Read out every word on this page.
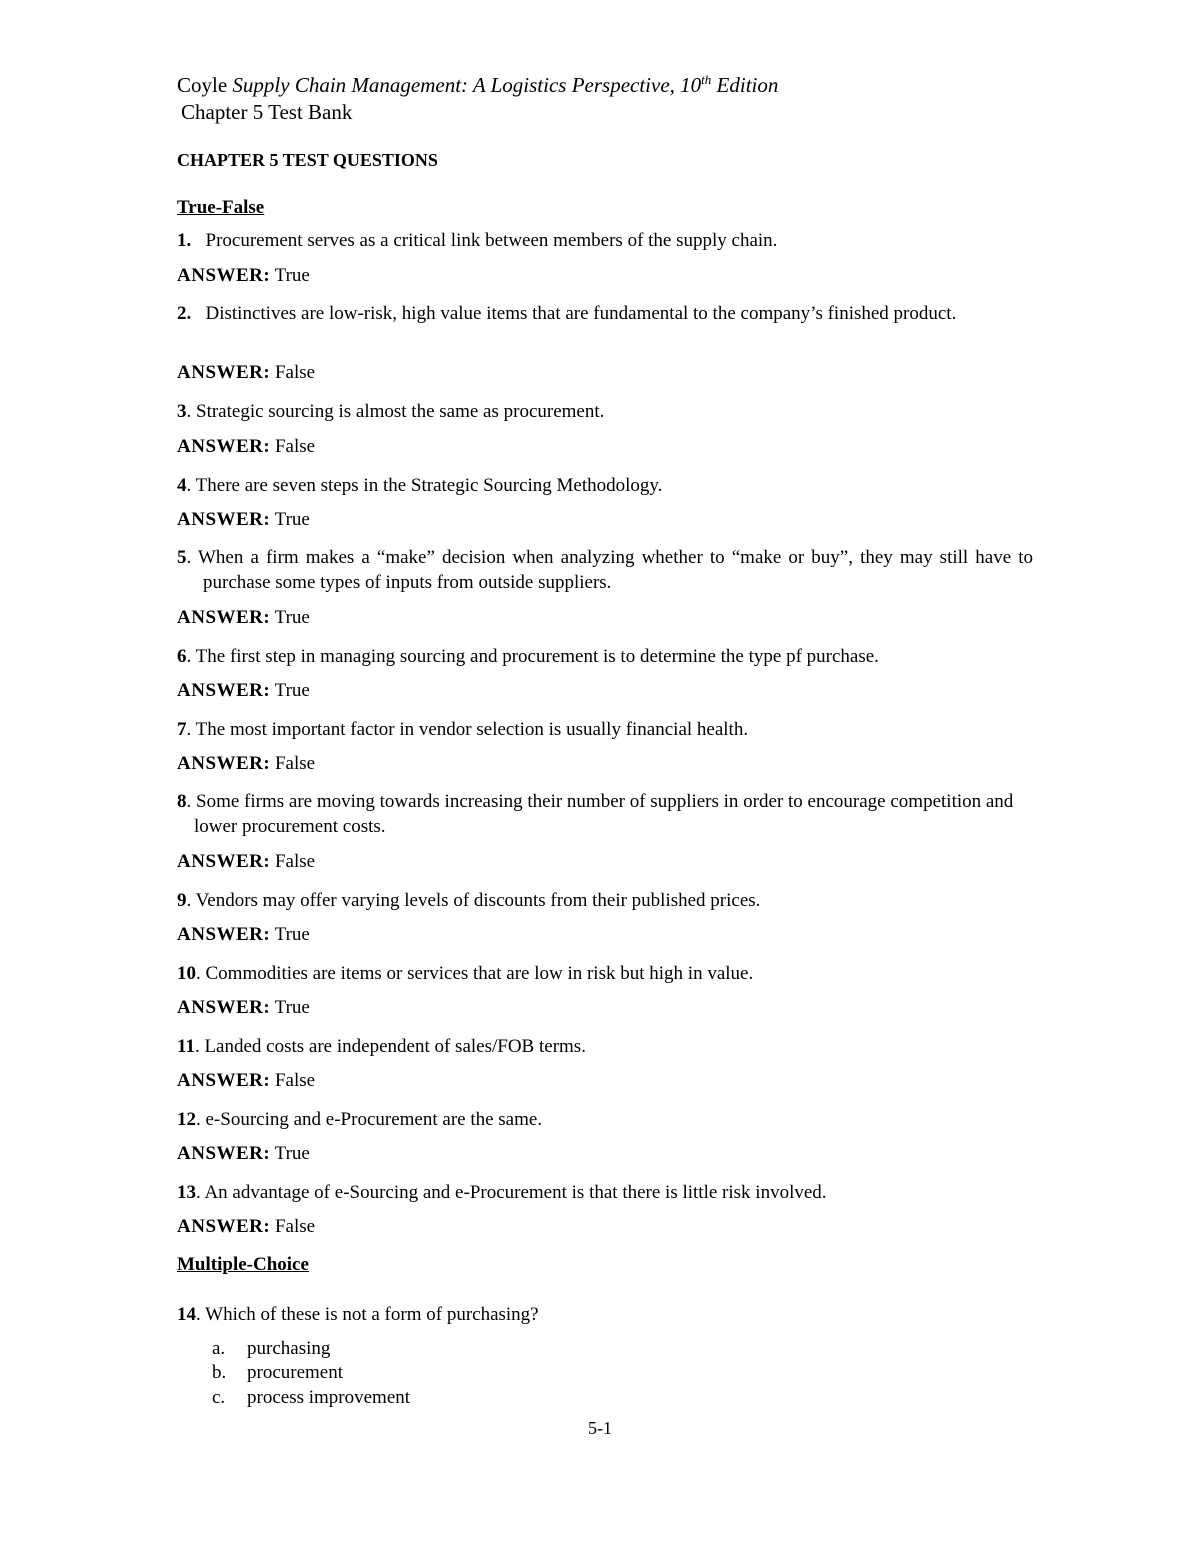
Coyle Supply Chain Management: A Logistics Perspective, 10th Edition
Chapter 5 Test Bank
CHAPTER 5 TEST QUESTIONS
True-False
1. Procurement serves as a critical link between members of the supply chain.
ANSWER: True
2. Distinctives are low-risk, high value items that are fundamental to the company’s finished product.
ANSWER: False
3. Strategic sourcing is almost the same as procurement.
ANSWER: False
4. There are seven steps in the Strategic Sourcing Methodology.
ANSWER: True
5. When a firm makes a “make” decision when analyzing whether to “make or buy”, they may still have to purchase some types of inputs from outside suppliers.
ANSWER: True
6. The first step in managing sourcing and procurement is to determine the type pf purchase.
ANSWER: True
7. The most important factor in vendor selection is usually financial health.
ANSWER: False
8. Some firms are moving towards increasing their number of suppliers in order to encourage competition and lower procurement costs.
ANSWER: False
9. Vendors may offer varying levels of discounts from their published prices.
ANSWER: True
10. Commodities are items or services that are low in risk but high in value.
ANSWER: True
11. Landed costs are independent of sales/FOB terms.
ANSWER: False
12. e-Sourcing and e-Procurement are the same.
ANSWER: True
13. An advantage of e-Sourcing and e-Procurement is that there is little risk involved.
ANSWER: False
Multiple-Choice
14. Which of these is not a form of purchasing?
a. purchasing
b. procurement
c. process improvement
5-1
